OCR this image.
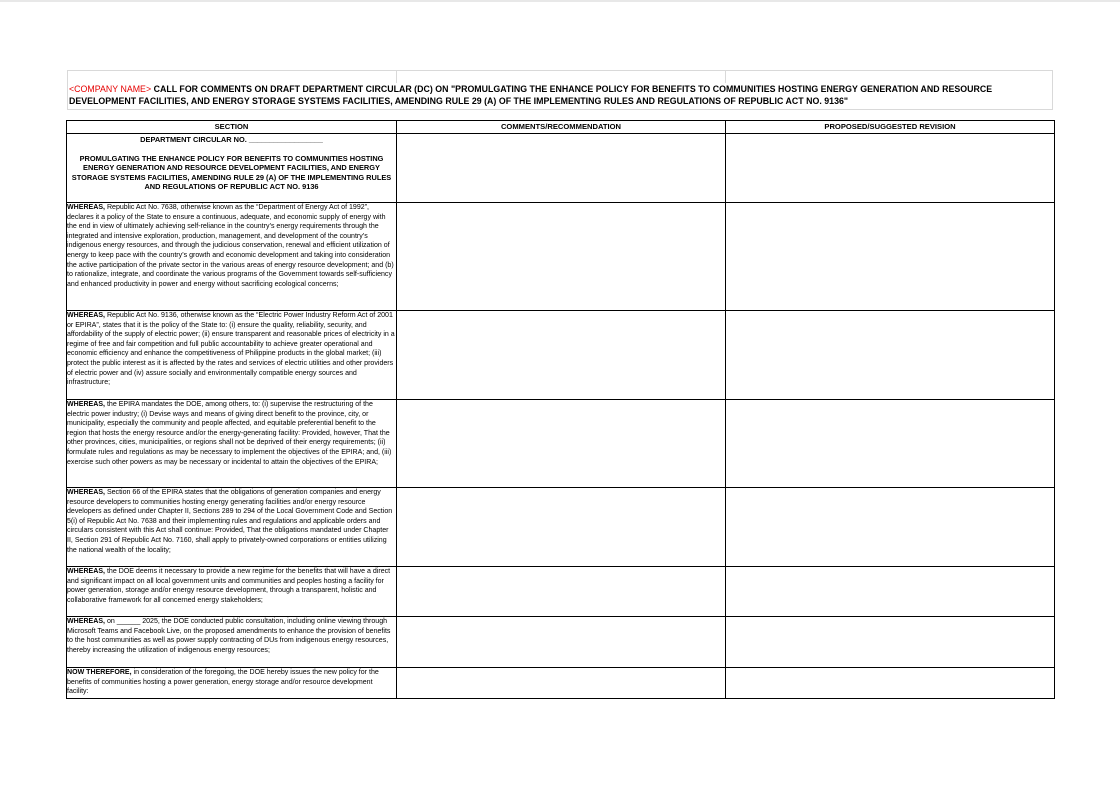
<COMPANY NAME> CALL FOR COMMENTS ON DRAFT DEPARTMENT CIRCULAR (DC) ON "PROMULGATING THE ENHANCE POLICY FOR BENEFITS TO COMMUNITIES HOSTING ENERGY GENERATION AND RESOURCE DEVELOPMENT FACILITIES, AND ENERGY STORAGE SYSTEMS FACILITIES, AMENDING RULE 29 (A) OF THE IMPLEMENTING RULES AND REGULATIONS OF REPUBLIC ACT NO. 9136"
SECTION	COMMENTS/RECOMMENDATION	PROPOSED/SUGGESTED REVISION

DEPARTMENT CIRCULAR NO. __________________
PROMULGATING THE ENHANCE POLICY FOR BENEFITS TO COMMUNITIES HOSTING ENERGY GENERATION AND RESOURCE DEVELOPMENT FACILITIES, AND ENERGY STORAGE SYSTEMS FACILITIES, AMENDING RULE 29 (A) OF THE IMPLEMENTING RULES AND REGULATIONS OF REPUBLIC ACT NO. 9136		

WHEREAS, Republic Act No. 7638, otherwise known as the “Department of Energy Act of 1992”, declares it a policy of the State to ensure a continuous, adequate, and economic supply of energy with the end in view of ultimately achieving self-reliance in the country’s energy requirements through the integrated and intensive exploration, production, management, and development of the country’s indigenous energy resources, and through the judicious conservation, renewal and efficient utilization of energy to keep pace with the country’s growth and economic development and taking into consideration the active participation of the private sector in the various areas of energy resource development; and (b) to rationalize, integrate, and coordinate the various programs of the Government towards self-sufficiency and enhanced productivity in power and energy without sacrificing ecological concerns;		
WHEREAS, Republic Act No. 9136, otherwise known as the “Electric Power Industry Reform Act of 2001 or EPIRA”, states that it is the policy of the State to: (i) ensure the quality, reliability, security, and affordability of the supply of electric power; (ii) ensure transparent and reasonable prices of electricity in a regime of free and fair competition and full public accountability to achieve greater operational and economic efficiency and enhance the competitiveness of Philippine products in the global market; (iii) protect the public interest as it is affected by the rates and services of electric utilities and other providers of electric power and (iv) assure socially and environmentally compatible energy sources and infrastructure;		
WHEREAS, the EPIRA mandates the DOE, among others, to: (i) supervise the restructuring of the electric power industry; (i) Devise ways and means of giving direct benefit to the province, city, or municipality, especially the community and people affected, and equitable preferential benefit to the region that hosts the energy resource and/or the energy-generating facility: Provided, however, That the other provinces, cities, municipalities, or regions shall not be deprived of their energy requirements; (ii) formulate rules and regulations as may be necessary to implement the objectives of the EPIRA; and, (iii) exercise such other powers as may be necessary or incidental to attain the objectives of the EPIRA;		
WHEREAS, Section 66 of the EPIRA states that the obligations of generation companies and energy resource developers to communities hosting energy generating facilities and/or energy resource developers as defined under Chapter II, Sections 289 to 294 of the Local Government Code and Section 5(i) of Republic Act No. 7638 and their implementing rules and regulations and applicable orders and circulars consistent with this Act shall continue: Provided, That the obligations mandated under Chapter II, Section 291 of Republic Act No. 7160, shall apply to privately-owned corporations or entities utilizing the national wealth of the locality;		
WHEREAS, the DOE deems it necessary to provide a new regime for the benefits that will have a direct and significant impact on all local government units and communities and peoples hosting a facility for power generation, storage and/or energy resource development, through a transparent, holistic and collaborative framework for all concerned energy stakeholders;		
WHEREAS, on ______ 2025, the DOE conducted public consultation, including online viewing through Microsoft Teams and Facebook Live, on the proposed amendments to enhance the provision of benefits to the host communities as well as power supply contracting of DUs from indigenous energy resources, thereby increasing the utilization of indigenous energy resources;		
NOW THEREFORE, in consideration of the foregoing, the DOE hereby issues the new policy for the benefits of communities hosting a power generation, energy storage and/or resource development facility:		
